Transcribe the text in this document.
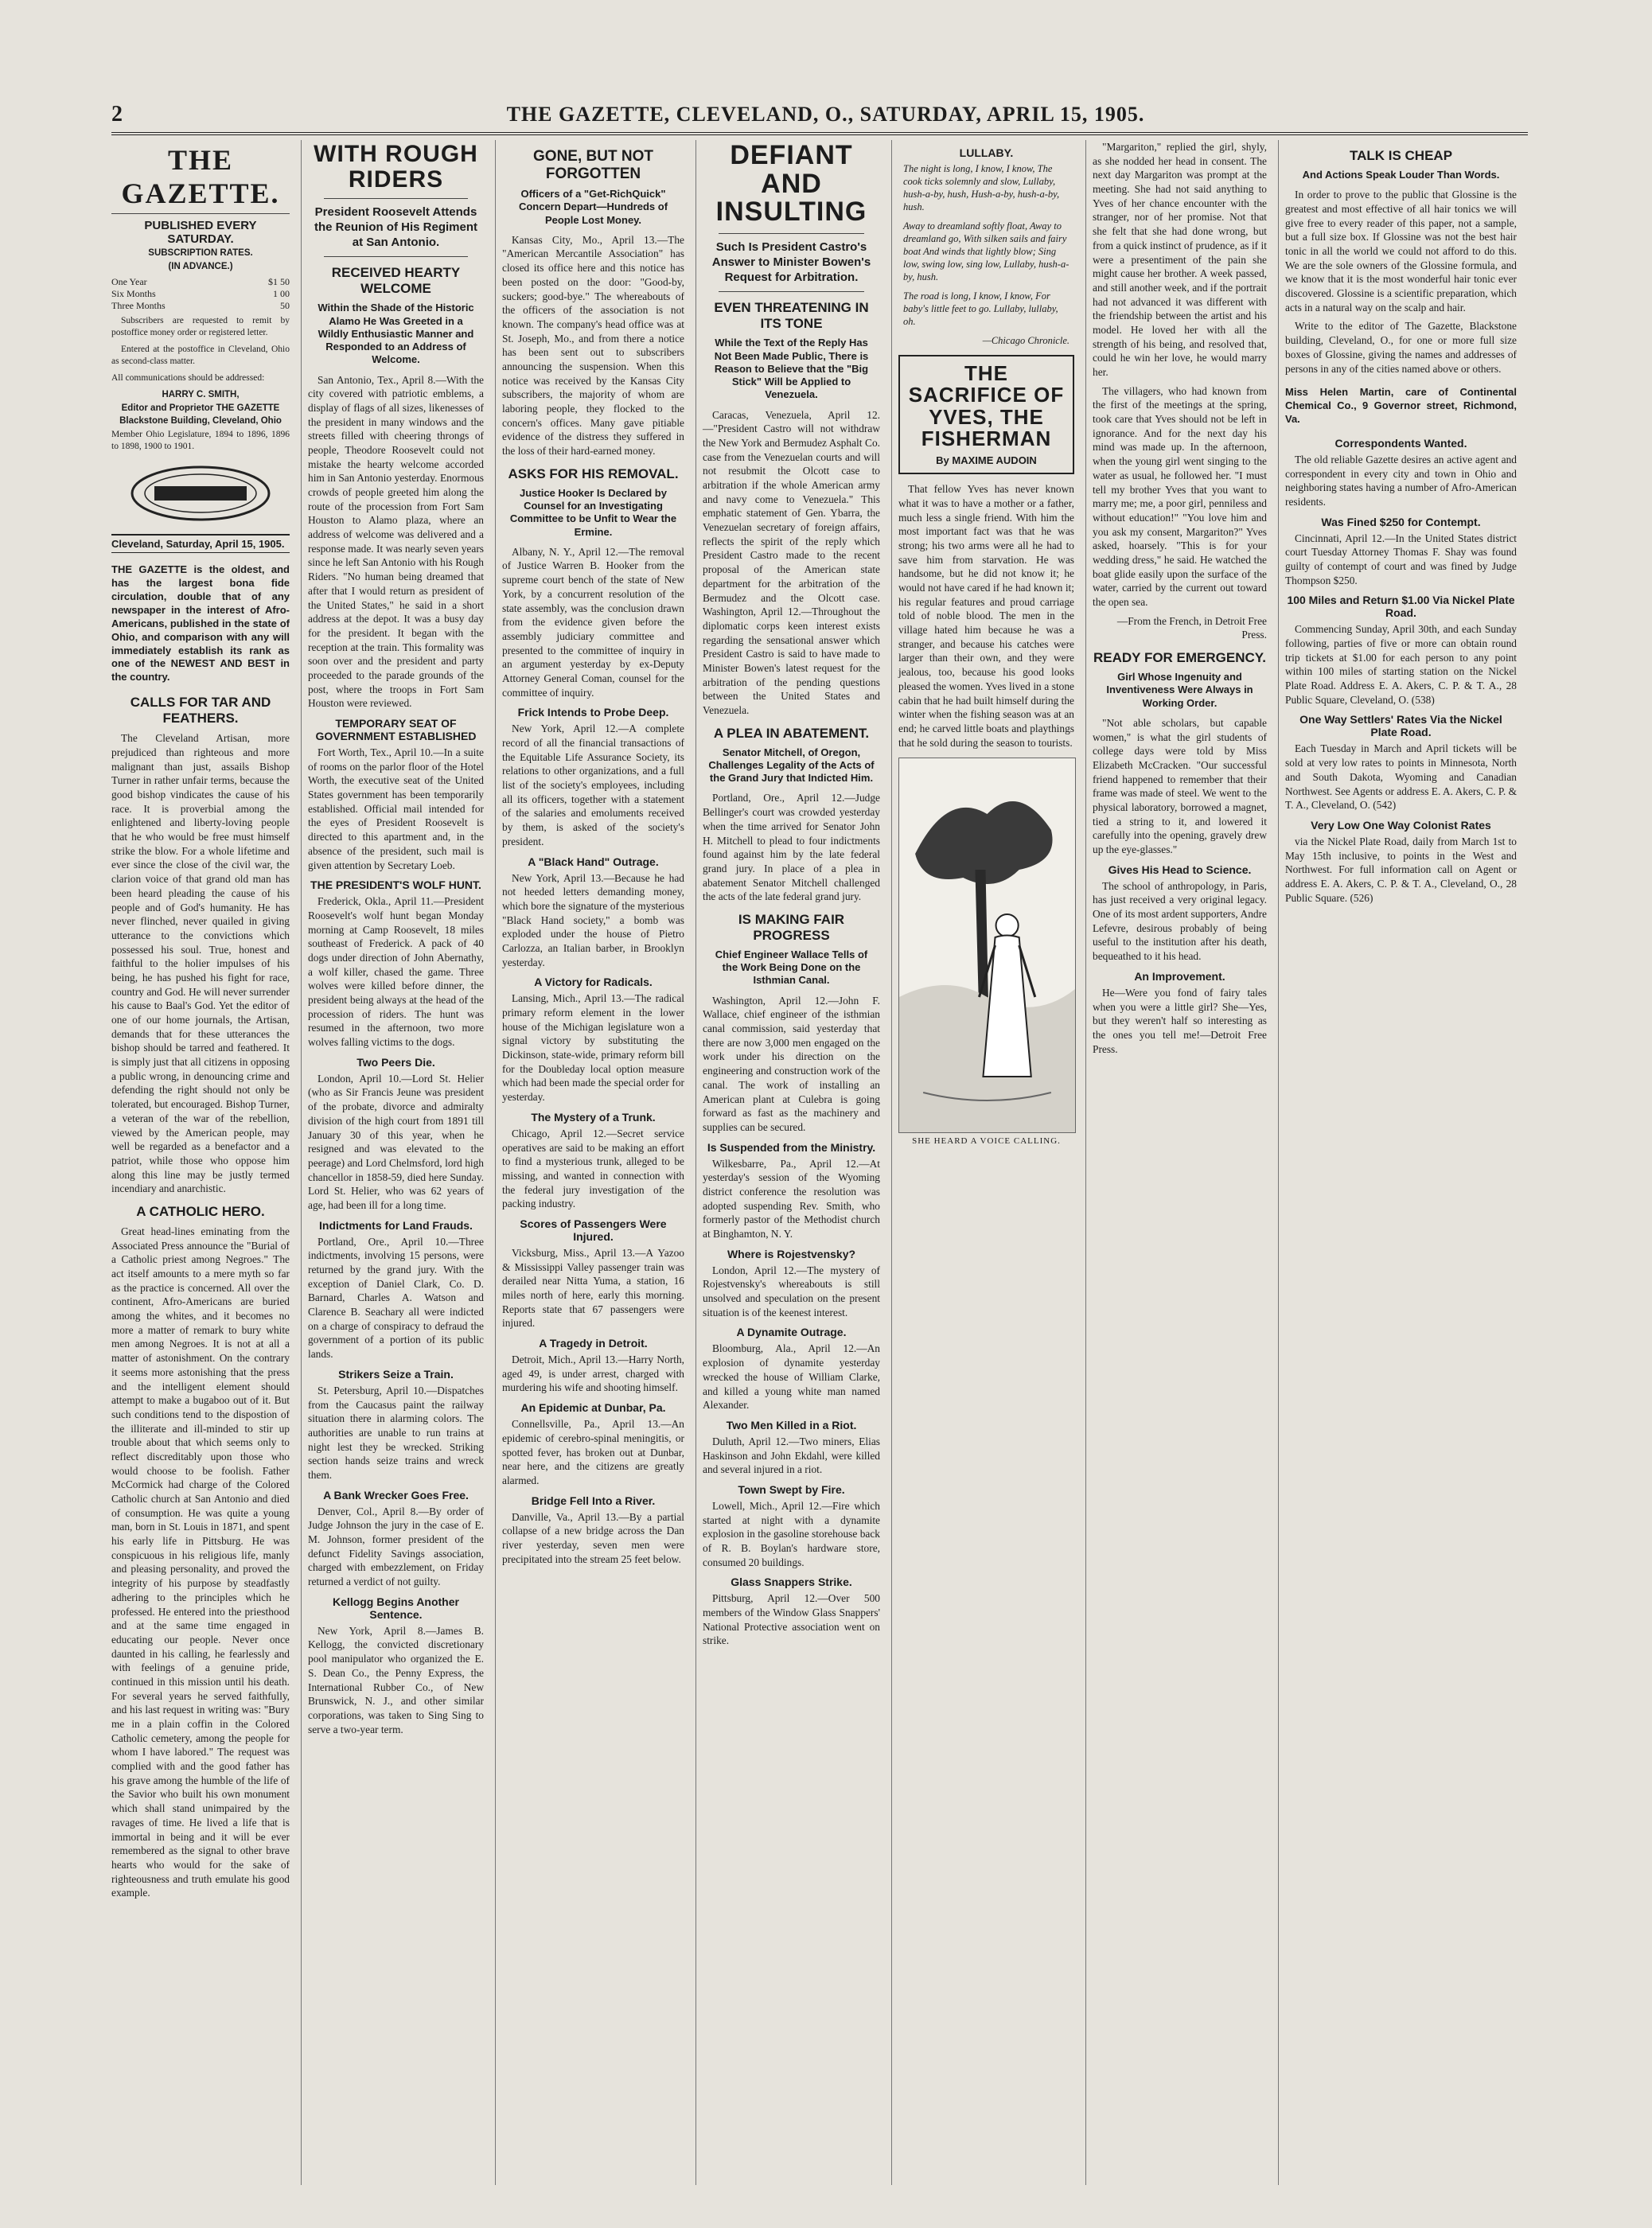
2	THE GAZETTE, CLEVELAND, O., SATURDAY, APRIL 15, 1905.
THE GAZETTE.
PUBLISHED EVERY SATURDAY.
SUBSCRIPTION RATES.
(IN ADVANCE.)
One Year	$1 50
Six Months	1 00
Three Months	50

Subscribers are requested to remit by postoffice money order or registered letter.

Entered at the postoffice in Cleveland, Ohio as second-class matter.

All communications should be addressed:

HARRY C. SMITH,
Editor and Proprietor THE GAZETTE
Blackstone Building, Cleveland, Ohio

Member Ohio Legislature, 1894 to 1896, 1896 to 1898, 1900 to 1901.

Cleveland, Saturday, April 15, 1905.

THE GAZETTE is the oldest, and has the largest bona fide circulation, double that of any newspaper in the interest of Afro-Americans, published in the state of Ohio, and comparison with any will immediately establish its rank as one of the NEWEST AND BEST in the country.

CALLS FOR TAR AND FEATHERS.

The Cleveland Artisan, more prejudiced than righteous and more malignant than just, assails Bishop Turner in rather unfair terms, because the good bishop vindicates the cause of his race. It is proverbial among the enlightened and liberty-loving people that he who would be free must himself strike the blow. For a whole lifetime and ever since the close of the civil war, the clarion voice of that grand old man has been heard pleading the cause of his people and of God's humanity. He has never flinched, never quailed in giving utterance to the convictions which possessed his soul. True, honest and faithful to the holier impulses of his being, he has pushed his fight for race, country and God. He will never surrender his cause to Baal's God. Yet the editor of one of our home journals, the Artisan, demands that for these utterances the bishop should be tarred and feathered. It is simply just that all citizens in opposing a public wrong, in denouncing crime and defending the right should not only be tolerated, but encouraged. Bishop Turner, a veteran of the war of the rebellion, viewed by the American people, may well be regarded as a benefactor and a patriot, while those who oppose him along this line may be justly termed incendiary and anarchistic.

A CATHOLIC HERO.

Great head-lines eminating from the Associated Press announce the "Burial of a Catholic priest among Negroes." The act itself amounts to a mere myth so far as the practice is concerned. All over the continent, Afro-Americans are buried among the whites, and it becomes no more a matter of remark to bury white men among Negroes. It is not at all a matter of astonishment. On the contrary it seems more astonishing that the press and the intelligent element should attempt to make a bugaboo out of it. But such conditions tend to the dispostion of the illiterate and ill-minded to stir up trouble about that which seems only to reflect discreditably upon those who would choose to be foolish. Father McCormick had charge of the Colored Catholic church at San Antonio and died of consumption. He was quite a young man, born in St. Louis in 1871, and spent his early life in Pittsburg. He was conspicuous in his religious life, manly and pleasing personality, and proved the integrity of his purpose by steadfastly adhering to the principles which he professed. He entered into the priesthood and at the same time engaged in educating our people. Never once daunted in his calling, he fearlessly and with feelings of a genuine pride, continued in this mission until his death. For several years he served faithfully, and his last request in writing was: "Bury me in a plain coffin in the Colored Catholic cemetery, among the people for whom I have labored." The request was complied with and the good father has his grave among the humble of the life of the Savior who built his own monument which shall stand unimpaired by the ravages of time. He lived a life that is immortal in being and it will be ever remembered as the signal to other brave hearts who would for the sake of righteousness and truth emulate his good example.

WITH ROUGH RIDERS
President Roosevelt Attends the Reunion of His Regiment at San Antonio.
RECEIVED HEARTY WELCOME
Within the Shade of the Historic Alamo He Was Greeted in a Wildly Enthusiastic Manner and Responded to an Address of Welcome.

San Antonio, Tex., April 8.—With the city covered with patriotic emblems, a display of flags of all sizes, likenesses of the president in many windows and the streets filled with cheering throngs of people, Theodore Roosevelt could not mistake the hearty welcome accorded him in San Antonio yesterday. Enormous crowds of people greeted him along the route of the procession from Fort Sam Houston to Alamo plaza, where an address of welcome was delivered and a response made. It was nearly seven years since he left San Antonio with his Rough Riders. "No human being dreamed that after that I would return as president of the United States," he said in a short address at the depot. It was a busy day for the president. It began with the reception at the train. This formality was soon over and the president and party proceeded to the parade grounds of the post, where the troops in Fort Sam Houston were reviewed.

TEMPORARY SEAT OF GOVERNMENT ESTABLISHED

Fort Worth, Tex., April 10.—In a suite of rooms on the parlor floor of the Hotel Worth, the executive seat of the United States government has been temporarily established. Official mail intended for the eyes of President Roosevelt is directed to this apartment and, in the absence of the president, such mail is given attention by Secretary Loeb.

THE PRESIDENT'S WOLF HUNT.

Frederick, Okla., April 11.—President Roosevelt's wolf hunt began Monday morning at Camp Roosevelt, 18 miles southeast of Frederick. A pack of 40 dogs under direction of John Abernathy, a wolf killer, chased the game. Three wolves were killed before dinner, the president being always at the head of the procession of riders. The hunt was resumed in the afternoon, two more wolves falling victims to the dogs.

Two Peers Die.

London, April 10.—Lord St. Helier (who as Sir Francis Jeune was president of the probate, divorce and admiralty division of the high court from 1891 till January 30 of this year, when he resigned and was elevated to the peerage) and Lord Chelmsford, lord high chancellor in 1858-59, died here Sunday. Lord St. Helier, who was 62 years of age, had been ill for a long time.

Indictments for Land Frauds.

Portland, Ore., April 10.—Three indictments, involving 15 persons, were returned by the grand jury. With the exception of Daniel Clark, Co. D. Barnard, Charles A. Watson and Clarence B. Seachary all were indicted on a charge of conspiracy to defraud the government of a portion of its public lands.

Strikers Seize a Train.

St. Petersburg, April 10.—Dispatches from the Caucasus paint the railway situation there in alarming colors. The authorities are unable to run trains at night lest they be wrecked. Striking section hands seize trains and wreck them.

A Bank Wrecker Goes Free.

Denver, Col., April 8.—By order of Judge Johnson the jury in the case of E. M. Johnson, former president of the defunct Fidelity Savings association, charged with embezzlement, on Friday returned a verdict of not guilty.

Kellogg Begins Another Sentence.

New York, April 8.—James B. Kellogg, the convicted discretionary pool manipulator who organized the E. S. Dean Co., the Penny Express, the International Rubber Co., of New Brunswick, N. J., and other similar corporations, was taken to Sing Sing to serve a two-year term.

GONE, BUT NOT FORGOTTEN
Officers of a "Get-RichQuick" Concern Depart—Hundreds of People Lost Money.

Kansas City, Mo., April 13.—The "American Mercantile Association" has closed its office here and this notice has been posted on the door: "Good-by, suckers; good-bye." The whereabouts of the officers of the association is not known. The company's head office was at St. Joseph, Mo., and from there a notice has been sent out to subscribers announcing the suspension. When this notice was received by the Kansas City subscribers, the majority of whom are laboring people, they flocked to the concern's offices. Many gave pitiable evidence of the distress they suffered in the loss of their hard-earned money.

ASKS FOR HIS REMOVAL.
Justice Hooker Is Declared by Counsel for an Investigating Committee to be Unfit to Wear the Ermine.

Albany, N. Y., April 12.—The removal of Justice Warren B. Hooker from the supreme court bench of the state of New York, by a concurrent resolution of the state assembly, was the conclusion drawn from the evidence given before the assembly judiciary committee and presented to the committee of inquiry in an argument yesterday by ex-Deputy Attorney General Coman, counsel for the committee of inquiry.

Frick Intends to Probe Deep.

New York, April 12.—A complete record of all the financial transactions of the Equitable Life Assurance Society, its relations to other organizations, and a full list of the society's employees, including all its officers, together with a statement of the salaries and emoluments received by them, is asked of the society's president.

A "Black Hand" Outrage.

New York, April 13.—Because he had not heeded letters demanding money, which bore the signature of the mysterious "Black Hand society," a bomb was exploded under the house of Pietro Carlozza, an Italian barber, in Brooklyn yesterday.

A Victory for Radicals.

Lansing, Mich., April 13.—The radical primary reform element in the lower house of the Michigan legislature won a signal victory by substituting the Dickinson, state-wide, primary reform bill for the Doubleday local option measure which had been made the special order for yesterday.

The Mystery of a Trunk.

Chicago, April 12.—Secret service operatives are said to be making an effort to find a mysterious trunk, alleged to be missing, and wanted in connection with the federal jury investigation of the packing industry.

Scores of Passengers Were Injured.

Vicksburg, Miss., April 13.—A Yazoo & Mississippi Valley passenger train was derailed near Nitta Yuma, a station, 16 miles north of here, early this morning. Reports state that 67 passengers were injured.

A Tragedy in Detroit.

Detroit, Mich., April 13.—Harry North, aged 49, is under arrest, charged with murdering his wife and shooting himself.

An Epidemic at Dunbar, Pa.

Connellsville, Pa., April 13.—An epidemic of cerebro-spinal meningitis, or spotted fever, has broken out at Dunbar, near here, and the citizens are greatly alarmed.

Bridge Fell Into a River.

Danville, Va., April 13.—By a partial collapse of a new bridge across the Dan river yesterday, seven men were precipitated into the stream 25 feet below.

DEFIANT AND INSULTING
Such Is President Castro's Answer to Minister Bowen's Request for Arbitration.
EVEN THREATENING IN ITS TONE
While the Text of the Reply Has Not Been Made Public, There is Reason to Believe that the "Big Stick" Will be Applied to Venezuela.

Caracas, Venezuela, April 12.—"President Castro will not withdraw the New York and Bermudez Asphalt Co. case from the Venezuelan courts and will not resubmit the Olcott case to arbitration if the whole American army and navy come to Venezuela." This emphatic statement of Gen. Ybarra, the Venezuelan secretary of foreign affairs, reflects the spirit of the reply which President Castro made to the recent proposal of the American state department for the arbitration of the Bermudez and the Olcott case. Washington, April 12.—Throughout the diplomatic corps keen interest exists regarding the sensational answer which President Castro is said to have made to Minister Bowen's latest request for the arbitration of the pending questions between the United States and Venezuela.

A PLEA IN ABATEMENT.
Senator Mitchell, of Oregon, Challenges Legality of the Acts of the Grand Jury that Indicted Him.

Portland, Ore., April 12.—Judge Bellinger's court was crowded yesterday when the time arrived for Senator John H. Mitchell to plead to four indictments found against him by the late federal grand jury. In place of a plea in abatement Senator Mitchell challenged the acts of the late federal grand jury.

IS MAKING FAIR PROGRESS
Chief Engineer Wallace Tells of the Work Being Done on the Isthmian Canal.

Washington, April 12.—John F. Wallace, chief engineer of the isthmian canal commission, said yesterday that there are now 3,000 men engaged on the work under his direction on the engineering and construction work of the canal. The work of installing an American plant at Culebra is going forward as fast as the machinery and supplies can be secured.

Is Suspended from the Ministry.

Wilkesbarre, Pa., April 12.—At yesterday's session of the Wyoming district conference the resolution was adopted suspending Rev. Smith, who formerly pastor of the Methodist church at Binghamton, N. Y.

Where is Rojestvensky?

London, April 12.—The mystery of Rojestvensky's whereabouts is still unsolved and speculation on the present situation is of the keenest interest.

A Dynamite Outrage.

Bloomburg, Ala., April 12.—An explosion of dynamite yesterday wrecked the house of William Clarke, and killed a young white man named Alexander.

Two Men Killed in a Riot.

Duluth, April 12.—Two miners, Elias Haskinson and John Ekdahl, were killed and several injured in a riot.

Town Swept by Fire.

Lowell, Mich., April 12.—Fire which started at night with a dynamite explosion in the gasoline storehouse back of R. B. Boylan's hardware store, consumed 20 buildings.

Glass Snappers Strike.

Pittsburg, April 12.—Over 500 members of the Window Glass Snappers' National Protective association went on strike.

LULLABY.

The night is long, I know, I know, The cook ticks solemnly and slow, Lullaby, hush-a-by, hush, Hush-a-by, hush-a-by, hush.

Away to dreamland softly float, Away to dreamland go, With silken sails and fairy boat And winds that lightly blow; Sing low, swing low, sing low, Lullaby, hush-a-by, hush.

The road is long, I know, I know, For baby's little feet to go. Lullaby, lullaby, oh.

—Chicago Chronicle.

THE SACRIFICE OF YVES, THE FISHERMAN
By MAXIME AUDOIN

That fellow Yves has never known what it was to have a mother or a father, much less a single friend. With him the most important fact was that he was strong; his two arms were all he had to save him from starvation. He was handsome, but he did not know it; he would not have cared if he had known it; his regular features and proud carriage told of noble blood. The men in the village hated him because he was a stranger, and because his catches were larger than their own, and they were jealous, too, because his good looks pleased the women. Yves lived in a stone cabin that he had built himself during the winter when the fishing season was at an end; he carved little boats and playthings that he sold during the season to tourists.

SHE HEARD A VOICE CALLING.

"Margariton," replied the girl, shyly, as she nodded her head in consent. The next day Margariton was prompt at the meeting. She had not said anything to Yves of her chance encounter with the stranger, nor of her promise. Not that she felt that she had done wrong, but from a quick instinct of prudence, as if it were a presentiment of the pain she might cause her brother. A week passed, and still another week, and if the portrait had not advanced it was different with the friendship between the artist and his model. He loved her with all the strength of his being, and resolved that, could he win her love, he would marry her.

The villagers, who had known from the first of the meetings at the spring, took care that Yves should not be left in ignorance. And for the next day his mind was made up. In the afternoon, when the young girl went singing to the water as usual, he followed her. "I must tell my brother Yves that you want to marry me; me, a poor girl, penniless and without education!" "You love him and you ask my consent, Margariton?" Yves asked, hoarsely. "This is for your wedding dress," he said. He watched the boat glide easily upon the surface of the water, carried by the current out toward the open sea.

—From the French, in Detroit Free Press.

READY FOR EMERGENCY.
Girl Whose Ingenuity and Inventiveness Were Always in Working Order.

"Not able scholars, but capable women," is what the girl students of college days were told by Miss Elizabeth McCracken. "Our successful friend happened to remember that their frame was made of steel. We went to the physical laboratory, borrowed a magnet, tied a string to it, and lowered it carefully into the opening, gravely drew up the eye-glasses."

Gives His Head to Science.

The school of anthropology, in Paris, has just received a very original legacy. One of its most ardent supporters, Andre Lefevre, desirous probably of being useful to the institution after his death, bequeathed to it his head.

An Improvement.

He—Were you fond of fairy tales when you were a little girl? She—Yes, but they weren't half so interesting as the ones you tell me!—Detroit Free Press.

TALK IS CHEAP
And Actions Speak Louder Than Words.

In order to prove to the public that Glossine is the greatest and most effective of all hair tonics we will give free to every reader of this paper, not a sample, but a full size box. If Glossine was not the best hair tonic in all the world we could not afford to do this. We are the sole owners of the Glossine formula, and we know that it is the most wonderful hair tonic ever discovered. Glossine is a scientific preparation, which acts in a natural way on the scalp and hair.

Write to the editor of The Gazette, Blackstone building, Cleveland, O., for one or more full size boxes of Glossine, giving the names and addresses of persons in any of the cities named above or others.

Miss Helen Martin, care of Continental Chemical Co., 9 Governor street, Richmond, Va.

Correspondents Wanted.

The old reliable Gazette desires an active agent and correspondent in every city and town in Ohio and neighboring states having a number of Afro-American residents.

Was Fined $250 for Contempt.

Cincinnati, April 12.—In the United States district court Tuesday Attorney Thomas F. Shay was found guilty of contempt of court and was fined by Judge Thompson $250.

100 Miles and Return $1.00 Via Nickel Plate Road.

Commencing Sunday, April 30th, and each Sunday following, parties of five or more can obtain round trip tickets at $1.00 for each person to any point within 100 miles of starting station on the Nickel Plate Road. Address E. A. Akers, C. P. & T. A., 28 Public Square, Cleveland, O. (538)

One Way Settlers' Rates Via the Nickel Plate Road.

Each Tuesday in March and April tickets will be sold at very low rates to points in Minnesota, North and South Dakota, Wyoming and Canadian Northwest. See Agents or address E. A. Akers, C. P. & T. A., Cleveland, O. (542)

Very Low One Way Colonist Rates

via the Nickel Plate Road, daily from March 1st to May 15th inclusive, to points in the West and Northwest. For full information call on Agent or address E. A. Akers, C. P. & T. A., Cleveland, O., 28 Public Square. (526)
